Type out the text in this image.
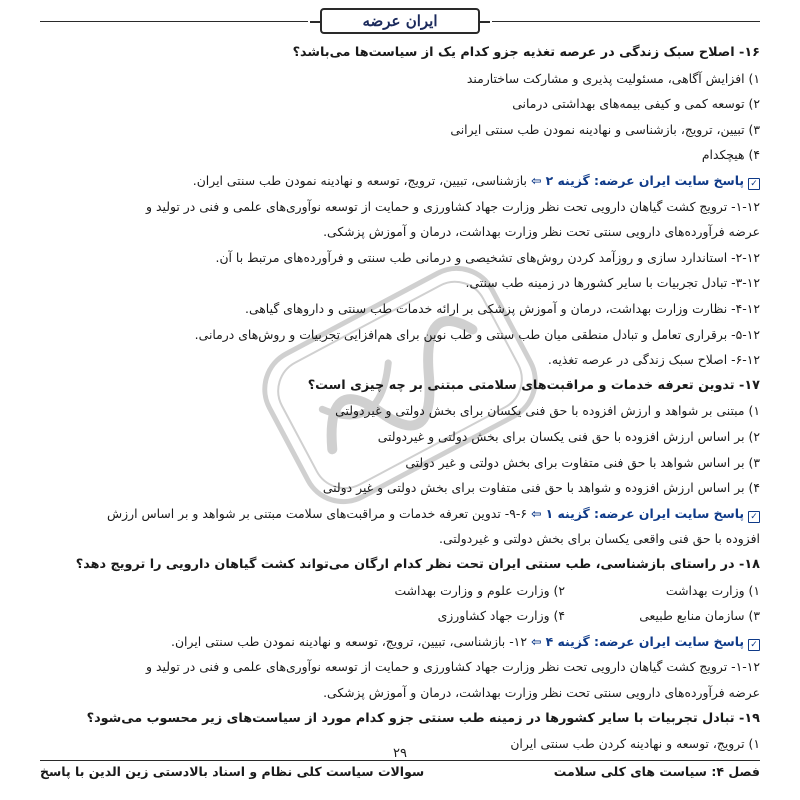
ایران عرضه
۱۶- اصلاح سبک زندگی در عرصه تغذیه جزو کدام یک از سیاست‌ها می‌باشد؟
۱) افزایش آگاهی، مسئولیت پذیری و مشارکت ساختارمند
۲) توسعه کمی و کیفی بیمه‌های بهداشتی درمانی
۳) تبیین، ترویج، بازشناسی و نهادینه نمودن طب سنتی ایرانی
۴) هیچکدام
✓پاسخ سایت ایران عرضه: گزینه ۲ ⇦ بازشناسی، تبیین، ترویج، توسعه و نهادینه نمودن طب سنتی ایران.
۱-۱۲- ترویج کشت گیاهان دارویی تحت نظر وزارت جهاد کشاورزی و حمایت از توسعه نوآوری‌های علمی و فنی در تولید و
عرضه فرآورده‌های دارویی سنتی تحت نظر وزارت بهداشت، درمان و آموزش پزشکی.
۲-۱۲- استاندارد سازی و روزآمد کردن روش‌های تشخیصی و درمانی طب سنتی و فرآورده‌های مرتبط با آن.
۳-۱۲- تبادل تجربیات با سایر کشورها در زمینه طب سنتی.
۴-۱۲- نظارت وزارت بهداشت، درمان و آموزش پزشکی بر ارائه خدمات طب سنتی و داروهای گیاهی.
۵-۱۲- برقراری تعامل و تبادل منطقی میان طب سنتی و طب نوین برای هم‌افزایی تجربیات و روش‌های درمانی.
۶-۱۲- اصلاح سبک زندگی در عرصه تغذیه.
۱۷- تدوین تعرفه خدمات و مراقبت‌های سلامتی مبتنی بر چه چیزی است؟
۱) مبتنی بر شواهد و ارزش افزوده با حق فنی یکسان برای بخش دولتی و غیردولتی
۲) بر اساس ارزش افزوده با حق فنی یکسان برای بخش دولتی و غیردولتی
۳) بر اساس شواهد با حق فنی متفاوت برای بخش دولتی و غیر دولتی
۴) بر اساس ارزش افزوده و شواهد با حق فنی متفاوت برای بخش دولتی و غیر دولتی
✓پاسخ سایت ایران عرضه: گزینه ۱ ⇦ ۶-۹- تدوین تعرفه خدمات و مراقبت‌های سلامت مبتنی بر شواهد و بر اساس ارزش
افزوده با حق فنی واقعی یکسان برای بخش دولتی و غیردولتی.
۱۸- در راستای بازشناسی، طب سنتی ایران تحت نظر کدام ارگان می‌تواند کشت گیاهان دارویی را ترویج دهد؟
۱) وزارت بهداشت
۲) وزارت علوم و وزارت بهداشت
۳) سازمان منابع طبیعی
۴) وزارت جهاد کشاورزی
✓پاسخ سایت ایران عرضه: گزینه ۴ ⇦ ۱۲- بازشناسی، تبیین، ترویج، توسعه و نهادینه نمودن طب سنتی ایران.
۱-۱۲- ترویج کشت گیاهان دارویی تحت نظر وزارت جهاد کشاورزی و حمایت از توسعه نوآوری‌های علمی و فنی در تولید و
عرضه فرآورده‌های دارویی سنتی تحت نظر وزارت بهداشت، درمان و آموزش پزشکی.
۱۹- تبادل تجربیات با سایر کشورها در زمینه طب سنتی جزو کدام مورد از سیاست‌های زیر محسوب می‌شود؟
۱) ترویج، توسعه و نهادینه کردن طب سنتی ایران
۲۹
فصل ۴: سیاست های کلی سلامت
سوالات سیاست کلی نظام و اسناد بالادستی زین الدین با پاسخ
